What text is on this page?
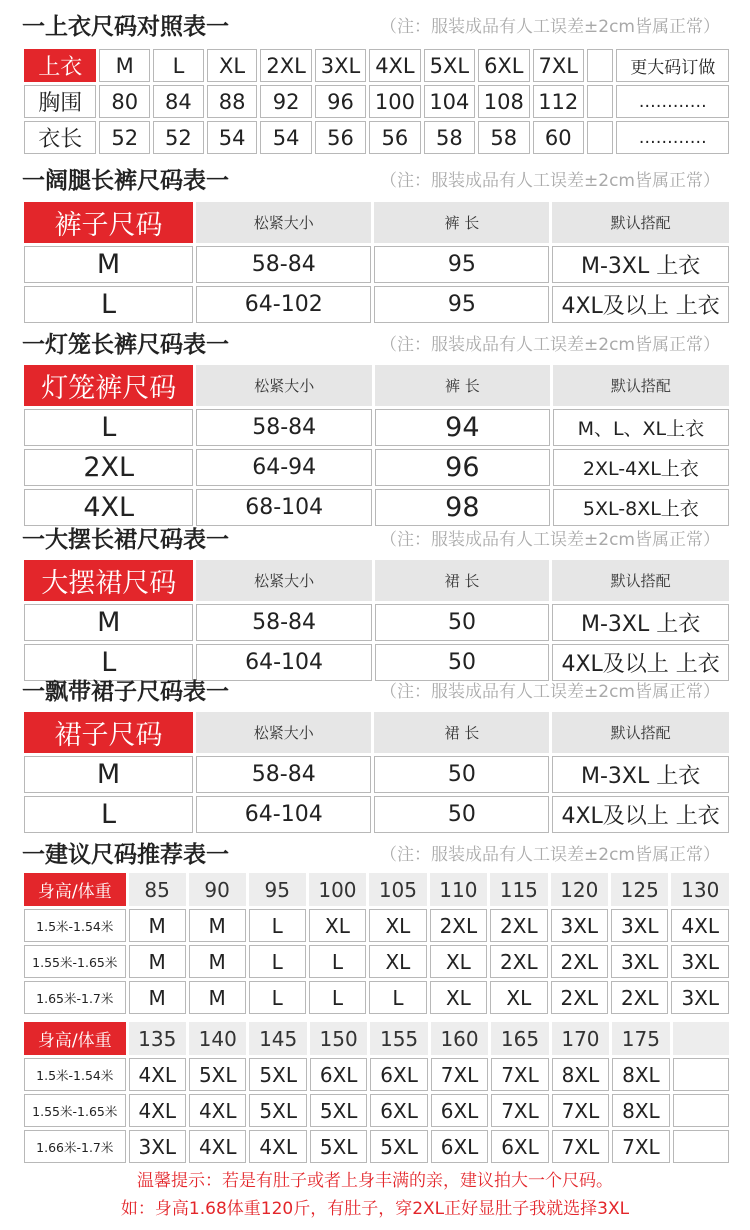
一上衣尺码对照表一	（注：服装成品有人工误差±2cm皆属正常）
上衣	M	L	XL	2XL	3XL	4XL	5XL	6XL	7XL		更大码订做
胸围	80	84	88	92	96	100	104	108	112		…………
衣长	52	52	54	54	56	56	58	58	60		…………
一阔腿长裤尺码表一	（注：服装成品有人工误差±2cm皆属正常）
裤子尺码	松紧大小	裤 长	默认搭配
M	58-84	95	M-3XL 上衣
L	64-102	95	4XL及以上 上衣
一灯笼长裤尺码表一	（注：服装成品有人工误差±2cm皆属正常）
灯笼裤尺码	松紧大小	裤 长	默认搭配
L	58-84	94	M、L、XL上衣
2XL	64-94	96	2XL-4XL上衣
4XL	68-104	98	5XL-8XL上衣
一大摆长裙尺码表一	（注：服装成品有人工误差±2cm皆属正常）
大摆裙尺码	松紧大小	裙 长	默认搭配
M	58-84	50	M-3XL 上衣
L	64-104	50	4XL及以上 上衣
一飘带裙子尺码表一	（注：服装成品有人工误差±2cm皆属正常）
裙子尺码	松紧大小	裙 长	默认搭配
M	58-84	50	M-3XL 上衣
L	64-104	50	4XL及以上 上衣
一建议尺码推荐表一	（注：服装成品有人工误差±2cm皆属正常）
身高/体重	85	90	95	100	105	110	115	120	125	130
1.5米-1.54米	M	M	L	XL	XL	2XL	2XL	3XL	3XL	4XL
1.55米-1.65米	M	M	L	L	XL	XL	2XL	2XL	3XL	3XL
1.65米-1.7米	M	M	L	L	L	XL	XL	2XL	2XL	3XL
身高/体重	135	140	145	150	155	160	165	170	175	
1.5米-1.54米	4XL	5XL	5XL	6XL	6XL	7XL	7XL	8XL	8XL	
1.55米-1.65米	4XL	4XL	5XL	5XL	6XL	6XL	7XL	7XL	8XL	
1.66米-1.7米	3XL	4XL	4XL	5XL	5XL	6XL	6XL	7XL	7XL	
温馨提示：若是有肚子或者上身丰满的亲，建议拍大一个尺码。
如：身高1.68体重120斤，有肚子，穿2XL正好显肚子我就选择3XL
